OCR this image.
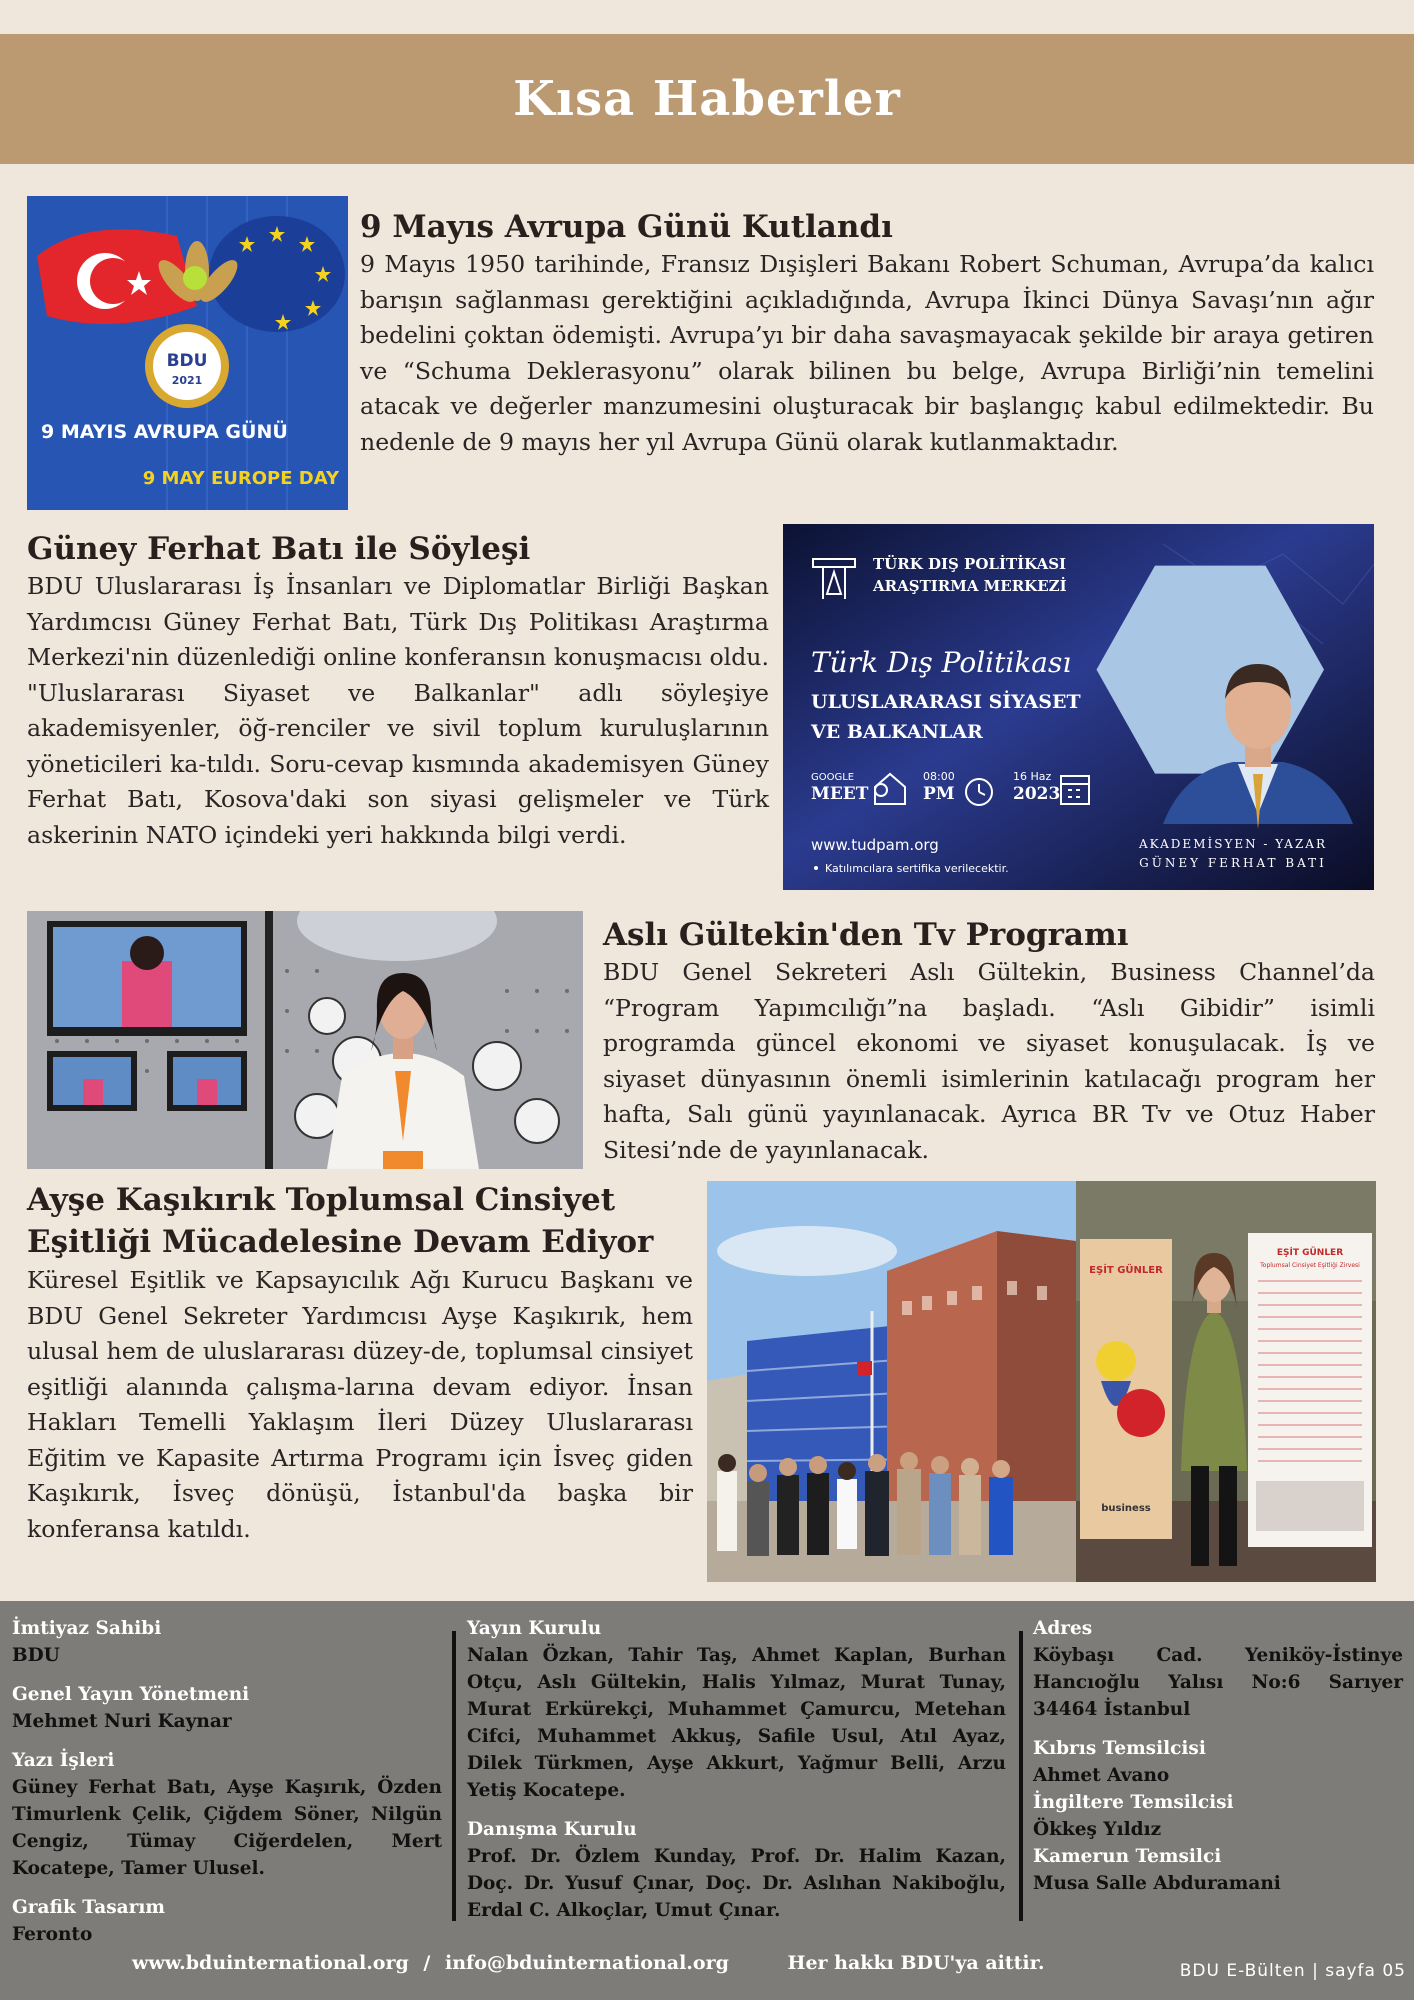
Kısa Haberler
BDU
2021
9 MAYIS AVRUPA GÜNÜ
9 MAY EUROPE DAY
9 Mayıs Avrupa Günü Kutlandı

9 Mayıs 1950 tarihinde, Fransız Dışişleri Bakanı Robert Schuman, Avrupa’da kalıcı barışın sağlanması gerektiğini açıkladığında, Avrupa İkinci Dünya Savaşı’nın ağır bedelini çoktan ödemişti. Avrupa’yı bir daha savaşmayacak şekilde bir araya getiren ve “Schuma Deklerasyonu” olarak bilinen bu belge, Avrupa Birliği’nin temelini atacak ve değerler manzumesini oluşturacak bir başlangıç kabul edilmektedir. Bu nedenle de 9 mayıs her yıl Avrupa Günü olarak kutlanmaktadır.

Güney Ferhat Batı ile Söyleşi

BDU Uluslararası İş İnsanları ve Diplomatlar Birliği Başkan Yardımcısı Güney Ferhat Batı, Türk Dış Politikası Araştırma Merkezi'nin düzenlediği online konferansın konuşmacısı oldu. "Uluslararası Siyaset ve Balkanlar" adlı söyleşiye akademisyenler, öğ-renciler ve sivil toplum kuruluşlarının yöneticileri ka-tıldı. Soru-cevap kısmında akademisyen Güney Ferhat Batı, Kosova'daki son siyasi gelişmeler ve Türk askerinin NATO içindeki yeri hakkında bilgi verdi.

TÜRK DIŞ POLİTİKASI
ARAŞTIRMA MERKEZİ
Türk Dış Politikası
ULUSLARARASI SİYASET
VE BALKANLAR
GOOGLE
MEET
08:00
PM
16 Haz
2023
www.tudpam.org
Katılımcılara sertifika verilecektir.
AKADEMİSYEN - YAZAR
GÜNEY FERHAT BATI
Aslı Gültekin'den Tv Programı

BDU Genel Sekreteri Aslı Gültekin, Business Channel’da “Program Yapımcılığı”na başladı. “Aslı Gibidir” isimli programda güncel ekonomi ve siyaset konuşulacak. İş ve siyaset dünyasının önemli isimlerinin katılacağı program her hafta, Salı günü yayınlanacak. Ayrıca BR Tv ve Otuz Haber Sitesi’nde de yayınlanacak.

Ayşe Kaşıkırık Toplumsal Cinsiyet
Eşitliği Mücadelesine Devam Ediyor

Küresel Eşitlik ve Kapsayıcılık Ağı Kurucu Başkanı ve BDU Genel Sekreter Yardımcısı Ayşe Kaşıkırık, hem ulusal hem de uluslararası düzey-de, toplumsal cinsiyet eşitliği alanında çalışma-larına devam ediyor. İnsan Hakları Temelli Yaklaşım İleri Düzey Uluslararası Eğitim ve Kapasite Artırma Programı için İsveç giden Kaşıkırık, İsveç dönüşü, İstanbul'da başka bir konferansa katıldı.

EŞİT GÜNLER
business
EŞİT GÜNLER
Toplumsal Cinsiyet Eşitliği Zirvesi
İmtiyaz Sahibi
BDU
Genel Yayın Yönetmeni
Mehmet Nuri Kaynar
Yazı İşleri
Güney Ferhat Batı, Ayşe Kaşırık, Özden Timurlenk Çelik, Çiğdem Söner, Nilgün Cengiz, Tümay Ciğerdelen, Mert Kocatepe, Tamer Ulusel.
Grafik Tasarım
Feronto
Yayın Kurulu
Nalan Özkan, Tahir Taş, Ahmet Kaplan, Burhan Otçu, Aslı Gültekin, Halis Yılmaz, Murat Tunay, Murat Erkürekçi, Muhammet Çamurcu, Metehan Cifci, Muhammet Akkuş, Safile Usul, Atıl Ayaz, Dilek Türkmen, Ayşe Akkurt, Yağmur Belli, Arzu Yetiş Kocatepe.
Danışma Kurulu
Prof. Dr. Özlem Kunday, Prof. Dr. Halim Kazan, Doç. Dr. Yusuf Çınar, Doç. Dr. Aslıhan Nakiboğlu, Erdal C. Alkoçlar, Umut Çınar.
Adres
Köybaşı Cad. Yeniköy-İstinye Hancıoğlu Yalısı No:6 Sarıyer 34464 İstanbul
Kıbrıs Temsilcisi
Ahmet Avano
İngiltere Temsilcisi
Ökkeş Yıldız
Kamerun Temsilci
Musa Salle Abduramani
www.bduinternational.org / info@bduinternational.org	Her hakkı BDU'ya aittir.	BDU E-Bülten | sayfa 05
